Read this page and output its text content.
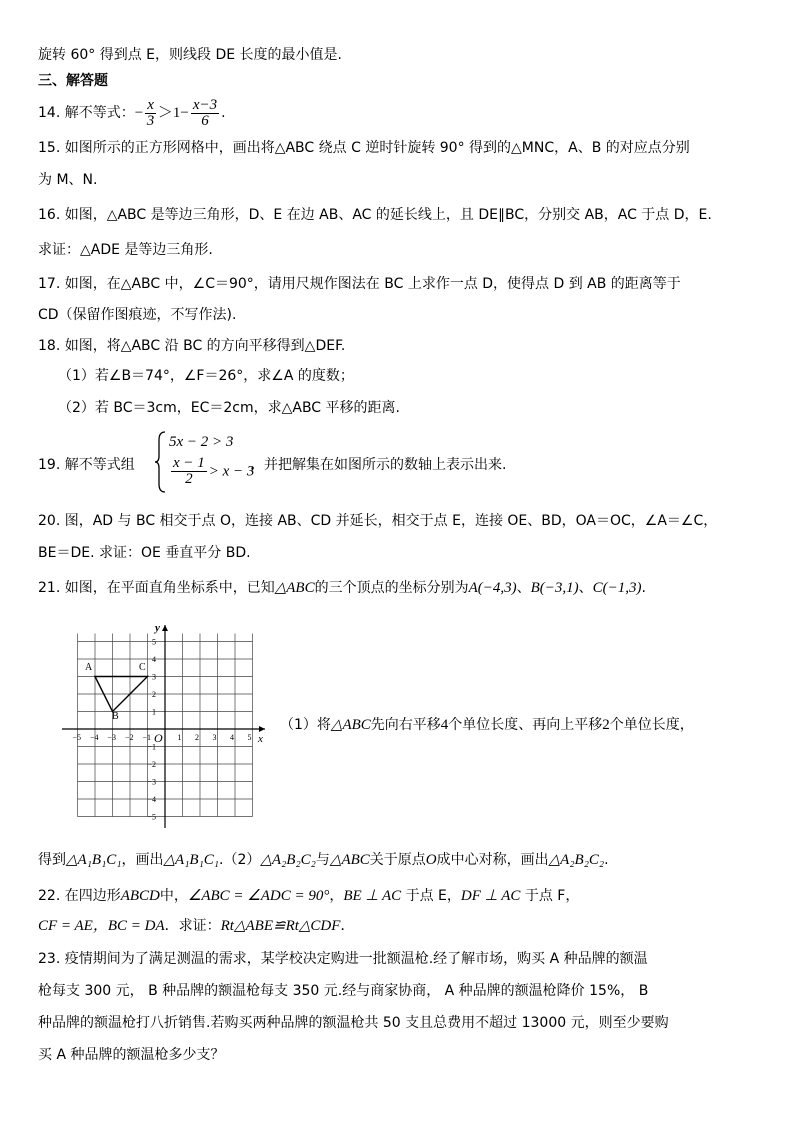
旋转 60° 得到点 E，则线段 DE 长度的最小值是.
三、解答题
14. 解不等式：− $\frac{x}{3} >1- \frac{x-3}{6}$ .
15. 如图所示的正方形网格中，画出将△ABC 绕点 C 逆时针旋转 90° 得到的△MNC，A、B 的对应点分别
为 M、N.
16. 如图，△ABC 是等边三角形，D、E 在边 AB、AC 的延长线上，且 DE∥BC，分别交 AB，AC 于点 D，E.
求证：△ADE 是等边三角形.
17. 如图，在△ABC 中，∠C＝90°，请用尺规作图法在 BC 上求作一点 D，使得点 D 到 AB 的距离等于
CD（保留作图痕迹，不写作法).
18. 如图，将△ABC 沿 BC 的方向平移得到△DEF.
（1）若∠B＝74°，∠F＝26°，求∠A 的度数；
（2）若 BC＝3cm，EC＝2cm，求△ABC 平移的距离.
19. 解不等式组
5x − 2 > 3
$\frac{x - 1}{2} > x - 3$
，并把解集在如图所示的数轴上表示出来.
20. 图，AD 与 BC 相交于点 O，连接 AB、CD 并延长，相交于点 E，连接 OE、BD，OA＝OC，∠A＝∠C，
BE＝DE. 求证：OE 垂直平分 BD.
21. 如图，在平面直角坐标系中，已知△ABC的三个顶点的坐标分别为A(−4,3)、B(−3,1)、C(−1,3).
x
y
O
−5 −4 −3 −2 −1	1 2 3 4 5
5
4
3
2
1
−1
−2
−3
−4
−5
A
B
C
（1）将△ABC先向右平移4个单位长度、再向上平移2个单位长度，
得到△A₁B₁C₁，画出△A₁B₁C₁.（2）△A₂B₂C₂与△ABC关于原点O成中心对称，画出△A₂B₂C₂.
22. 在四边形ABCD中，∠ABC = ∠ADC = 90°，BE ⊥ AC 于点 E，DF ⊥ AC 于点 F，
CF = AE，BC = DA．求证：Rt△ABE≌Rt△CDF．
23. 疫情期间为了满足测温的需求，某学校决定购进一批额温枪.经了解市场，购买 A 种品牌的额温
枪每支 300 元， B 种品牌的额温枪每支 350 元.经与商家协商， A 种品牌的额温枪降价 15%， B
种品牌的额温枪打八折销售.若购买两种品牌的额温枪共 50 支且总费用不超过 13000 元，则至少要购
买 A 种品牌的额温枪多少支？
